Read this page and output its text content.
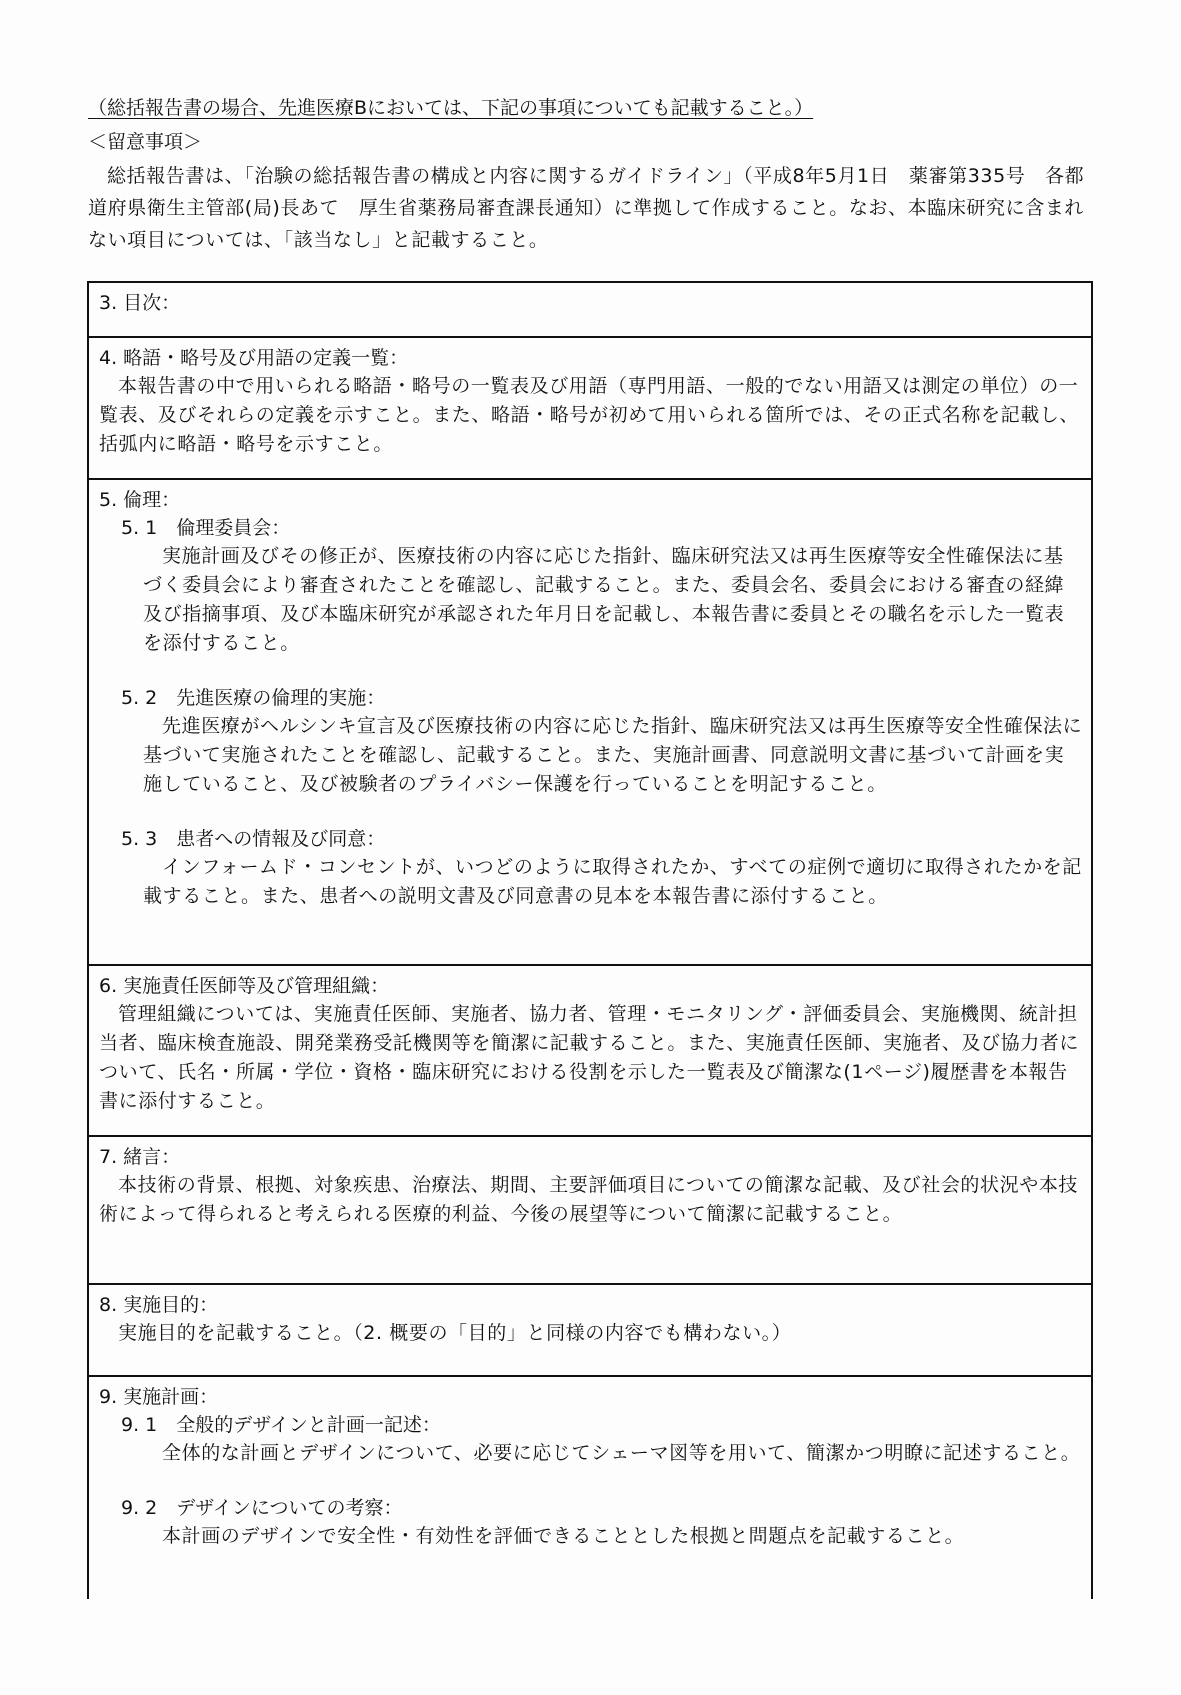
（総括報告書の場合、先進医療Bにおいては、下記の事項についても記載すること。）
＜留意事項＞
総括報告書は、「治験の総括報告書の構成と内容に関するガイドライン」（平成8年5月1日　薬審第335号　各都道府県衛生主管部(局)長あて　厚生省薬務局審査課長通知）に準拠して作成すること。なお、本臨床研究に含まれない項目については、「該当なし」と記載すること。
3. 目次：
4. 略語・略号及び用語の定義一覧：
本報告書の中で用いられる略語・略号の一覧表及び用語（専門用語、一般的でない用語又は測定の単位）の一覧表、及びそれらの定義を示すこと。また、略語・略号が初めて用いられる箇所では、その正式名称を記載し、括弧内に略語・略号を示すこと。
5. 倫理：
5. 1　倫理委員会：
実施計画及びその修正が、医療技術の内容に応じた指針、臨床研究法又は再生医療等安全性確保法に基づく委員会により審査されたことを確認し、記載すること。また、委員会名、委員会における審査の経緯及び指摘事項、及び本臨床研究が承認された年月日を記載し、本報告書に委員とその職名を示した一覧表を添付すること。
5. 2　先進医療の倫理的実施：
先進医療がヘルシンキ宣言及び医療技術の内容に応じた指針、臨床研究法又は再生医療等安全性確保法に基づいて実施されたことを確認し、記載すること。また、実施計画書、同意説明文書に基づいて計画を実施していること、及び被験者のプライバシー保護を行っていることを明記すること。
5. 3　患者への情報及び同意：
インフォームド・コンセントが、いつどのように取得されたか、すべての症例で適切に取得されたかを記載すること。また、患者への説明文書及び同意書の見本を本報告書に添付すること。
6. 実施責任医師等及び管理組織：
管理組織については、実施責任医師、実施者、協力者、管理・モニタリング・評価委員会、実施機関、統計担当者、臨床検査施設、開発業務受託機関等を簡潔に記載すること。また、実施責任医師、実施者、及び協力者について、氏名・所属・学位・資格・臨床研究における役割を示した一覧表及び簡潔な(1ページ)履歴書を本報告書に添付すること。
7. 緒言：
本技術の背景、根拠、対象疾患、治療法、期間、主要評価項目についての簡潔な記載、及び社会的状況や本技術によって得られると考えられる医療的利益、今後の展望等について簡潔に記載すること。
8. 実施目的：
実施目的を記載すること。（2. 概要の「目的」と同様の内容でも構わない。）
9. 実施計画：
9. 1　全般的デザインと計画一記述：
全体的な計画とデザインについて、必要に応じてシェーマ図等を用いて、簡潔かつ明瞭に記述すること。
9. 2　デザインについての考察：
本計画のデザインで安全性・有効性を評価できることとした根拠と問題点を記載すること。
